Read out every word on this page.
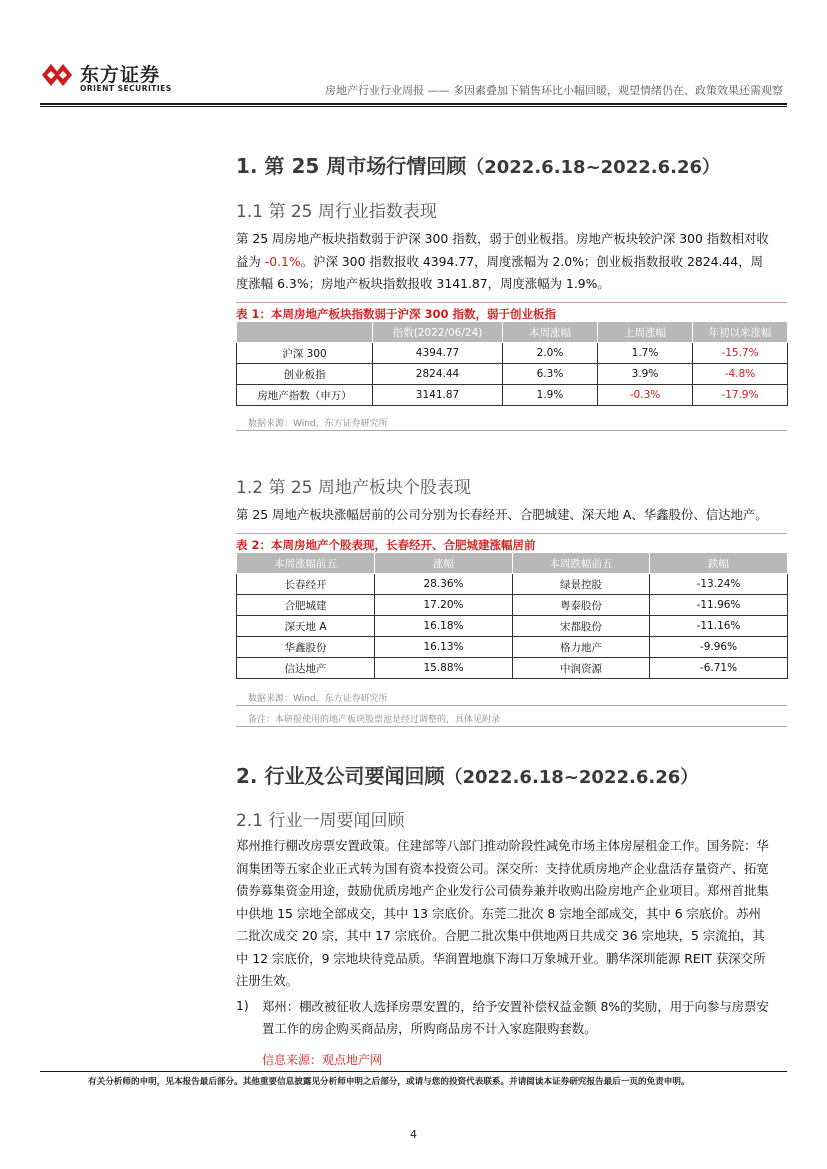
东方证券
ORIENT SECURITIES	房地产行业行业周报 —— 多因素叠加下销售环比小幅回暖，观望情绪仍在、政策效果还需观察
1. 第 25 周市场行情回顾（2022.6.18~2022.6.26）
1.1 第 25 周行业指数表现
第 25 周房地产板块指数弱于沪深 300 指数，弱于创业板指。房地产板块较沪深 300 指数相对收益为 -0.1%。沪深 300 指数报收 4394.77，周度涨幅为 2.0%；创业板指数报收 2824.44，周度涨幅 6.3%；房地产板块指数报收 3141.87，周度涨幅为 1.9%。
表 1：本周房地产板块指数弱于沪深 300 指数，弱于创业板指
	指数(2022/06/24)	本周涨幅	上周涨幅	年初以来涨幅
沪深 300	4394.77	2.0%	1.7%	-15.7%
创业板指	2824.44	6.3%	3.9%	-4.8%
房地产指数（申万）	3141.87	1.9%	-0.3%	-17.9%
数据来源：Wind，东方证券研究所
1.2 第 25 周地产板块个股表现
第 25 周地产板块涨幅居前的公司分别为长春经开、合肥城建、深天地 A、华鑫股份、信达地产。
表 2：本周房地产个股表现，长春经开、合肥城建涨幅居前
本周涨幅前五	涨幅	本周跌幅前五	跌幅
长春经开	28.36%	绿景控股	-13.24%
合肥城建	17.20%	粤泰股份	-11.96%
深天地 A	16.18%	宋都股份	-11.16%
华鑫股份	16.13%	格力地产	-9.96%
信达地产	15.88%	中润资源	-6.71%
数据来源：Wind，东方证券研究所
备注：本研报使用的地产板块股票池是经过调整的，具体见附录
2. 行业及公司要闻回顾（2022.6.18~2022.6.26）
2.1 行业一周要闻回顾
郑州推行棚改房票安置政策。住建部等八部门推动阶段性减免市场主体房屋租金工作。国务院：华润集团等五家企业正式转为国有资本投资公司。深交所：支持优质房地产企业盘活存量资产、拓宽债券募集资金用途，鼓励优质房地产企业发行公司债券兼并收购出险房地产企业项目。郑州首批集中供地 15 宗地全部成交，其中 13 宗底价。东莞二批次 8 宗地全部成交，其中 6 宗底价。苏州二批次成交 20 宗，其中 17 宗底价。合肥二批次集中供地两日共成交 36 宗地块，5 宗流拍，其中 12 宗底价，9 宗地块待竞品质。华润置地旗下海口万象城开业。鹏华深圳能源 REIT 获深交所注册生效。
1) 郑州：棚改被征收人选择房票安置的，给予安置补偿权益金额 8%的奖励，用于向参与房票安置工作的房企购买商品房，所购商品房不计入家庭限购套数。
信息来源：观点地产网
有关分析师的申明，见本报告最后部分。其他重要信息披露见分析师申明之后部分，或请与您的投资代表联系。并请阅读本证券研究报告最后一页的免责申明。
4
